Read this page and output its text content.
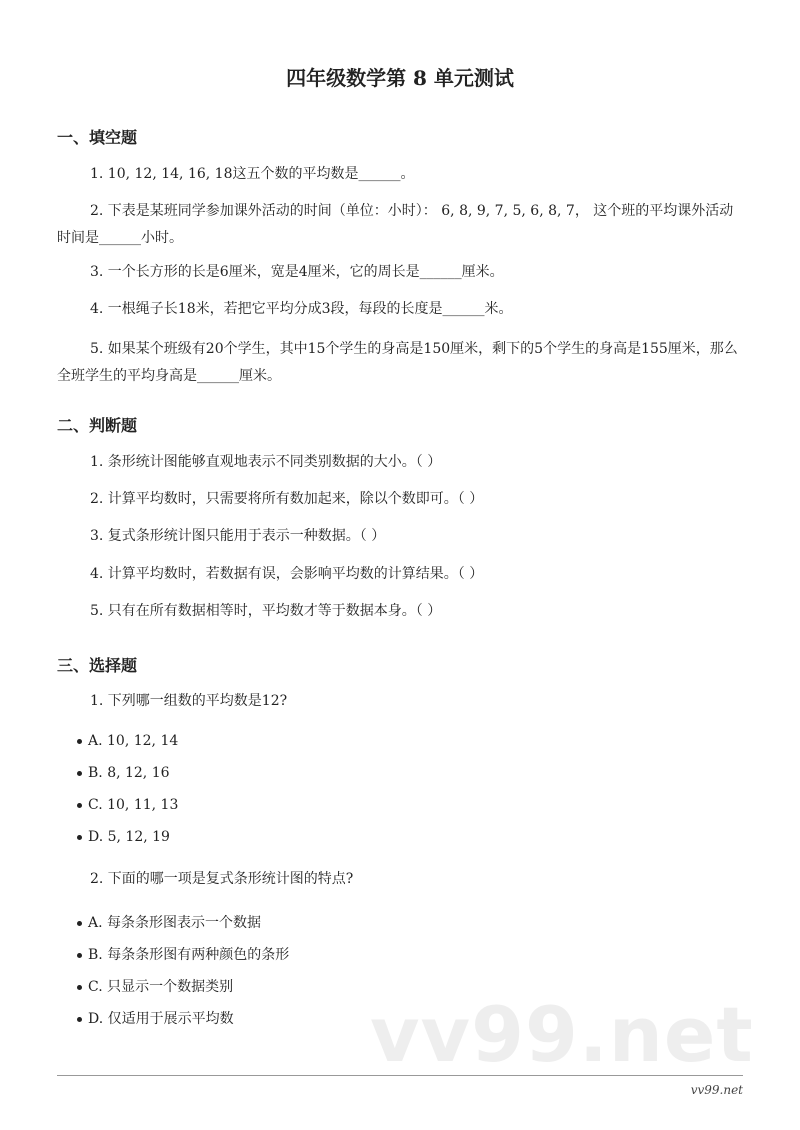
四年级数学第 8 单元测试
一、填空题
1. 10, 12, 14, 16, 18这五个数的平均数是______。
2. 下表是某班同学参加课外活动的时间（单位：小时）： 6, 8, 9, 7, 5, 6, 8, 7， 这个班的平均课外活动时间是______小时。
3. 一个长方形的长是6厘米，宽是4厘米，它的周长是______厘米。
4. 一根绳子长18米，若把它平均分成3段，每段的长度是______米。
5. 如果某个班级有20个学生，其中15个学生的身高是150厘米，剩下的5个学生的身高是155厘米，那么全班学生的平均身高是______厘米。
二、判断题
1. 条形统计图能够直观地表示不同类别数据的大小。（ ）
2. 计算平均数时，只需要将所有数加起来，除以个数即可。（ ）
3. 复式条形统计图只能用于表示一种数据。（ ）
4. 计算平均数时，若数据有误，会影响平均数的计算结果。（ ）
5. 只有在所有数据相等时，平均数才等于数据本身。（ ）
三、选择题
1. 下列哪一组数的平均数是12?
A. 10, 12, 14
B. 8, 12, 16
C. 10, 11, 13
D. 5, 12, 19
2. 下面的哪一项是复式条形统计图的特点?
vv99.net
A. 每条条形图表示一个数据
B. 每条条形图有两种颜色的条形
C. 只显示一个数据类别
D. 仅适用于展示平均数
vv99.net
